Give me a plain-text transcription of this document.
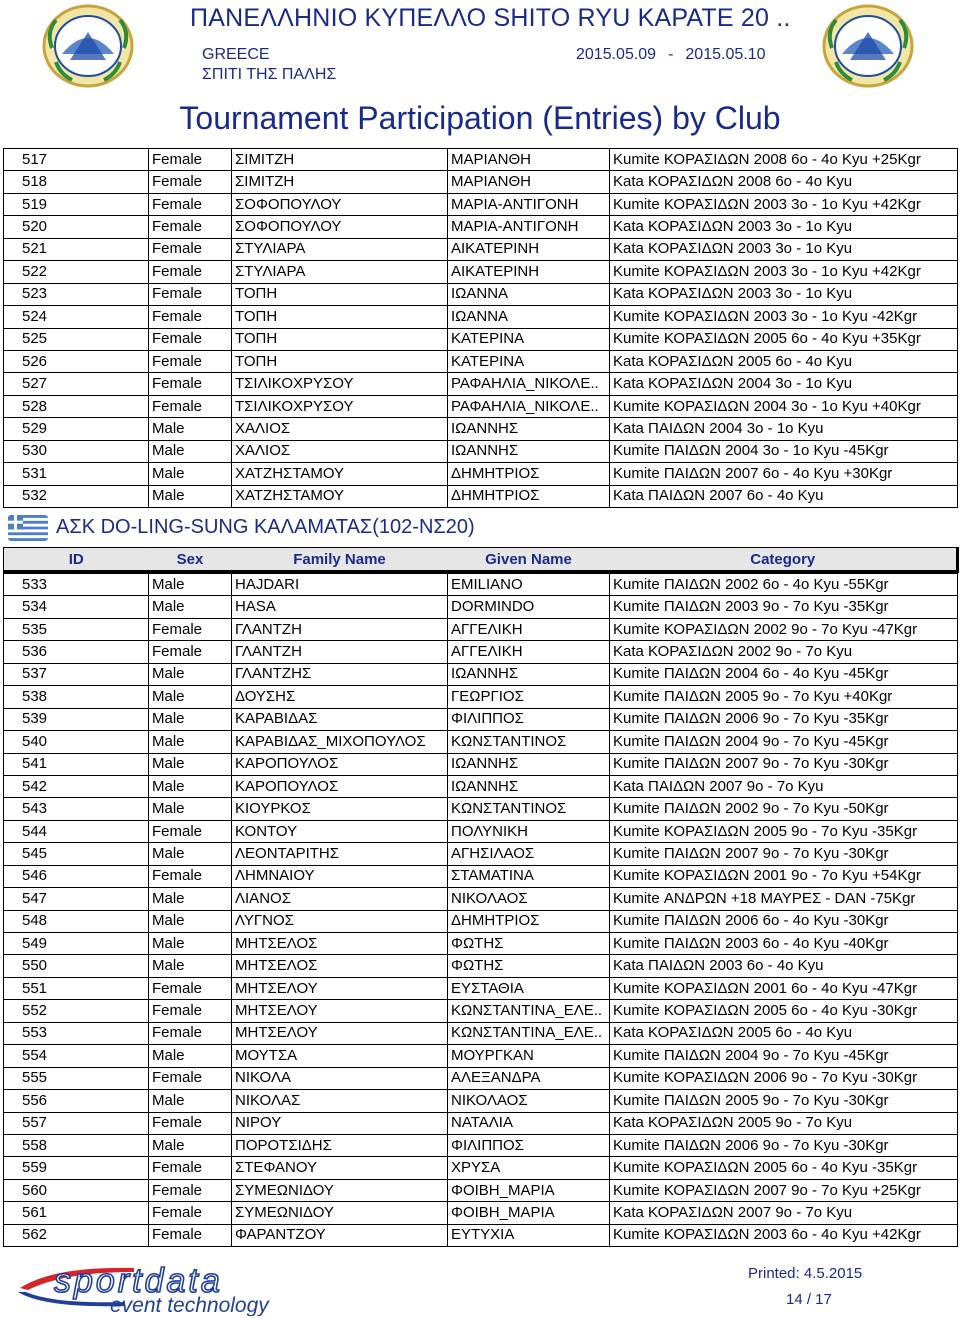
ΠΑΝΕΛΛΗΝΙΟ ΚΥΠΕΛΛΟ SHITO RYU ΚΑΡΑΤΕ 20 ..
GREECE
ΣΠΙΤΙ ΤΗΣ ΠΑΛΗΣ
2015.05.09 - 2015.05.10
Tournament Participation (Entries) by Club
517	Female	ΣΙΜΙΤΖΗ	ΜΑΡΙΑΝΘΗ	Kumite ΚΟΡΑΣΙΔΩΝ 2008 6ο - 4ο Kyu +25Kgr
518	Female	ΣΙΜΙΤΖΗ	ΜΑΡΙΑΝΘΗ	Kata ΚΟΡΑΣΙΔΩΝ 2008 6ο - 4ο Kyu
519	Female	ΣΟΦΟΠΟΥΛΟΥ	ΜΑΡΙΑ-ΑΝΤΙΓΟΝΗ	Kumite ΚΟΡΑΣΙΔΩΝ 2003 3ο - 1ο Kyu +42Kgr
520	Female	ΣΟΦΟΠΟΥΛΟΥ	ΜΑΡΙΑ-ΑΝΤΙΓΟΝΗ	Kata ΚΟΡΑΣΙΔΩΝ 2003 3ο - 1ο Kyu
521	Female	ΣΤΥΛΙΑΡΑ	ΑΙΚΑΤΕΡΙΝΗ	Kata ΚΟΡΑΣΙΔΩΝ 2003 3ο - 1ο Kyu
522	Female	ΣΤΥΛΙΑΡΑ	ΑΙΚΑΤΕΡΙΝΗ	Kumite ΚΟΡΑΣΙΔΩΝ 2003 3ο - 1ο Kyu +42Kgr
523	Female	ΤΟΠΗ	ΙΩΑΝΝΑ	Kata ΚΟΡΑΣΙΔΩΝ 2003 3ο - 1ο Kyu
524	Female	ΤΟΠΗ	ΙΩΑΝΝΑ	Kumite ΚΟΡΑΣΙΔΩΝ 2003 3ο - 1ο Kyu -42Kgr
525	Female	ΤΟΠΗ	ΚΑΤΕΡΙΝΑ	Kumite ΚΟΡΑΣΙΔΩΝ 2005 6ο - 4ο Kyu +35Kgr
526	Female	ΤΟΠΗ	ΚΑΤΕΡΙΝΑ	Kata ΚΟΡΑΣΙΔΩΝ 2005 6ο - 4ο Kyu
527	Female	ΤΣΙΛΙΚΟΧΡΥΣΟΥ	ΡΑΦΑΗΛΙΑ_ΝΙΚΟΛΕ..	Kata ΚΟΡΑΣΙΔΩΝ 2004 3ο - 1ο Kyu
528	Female	ΤΣΙΛΙΚΟΧΡΥΣΟΥ	ΡΑΦΑΗΛΙΑ_ΝΙΚΟΛΕ..	Kumite ΚΟΡΑΣΙΔΩΝ 2004 3ο - 1ο Kyu +40Kgr
529	Male	ΧΑΛΙΟΣ	ΙΩΑΝΝΗΣ	Kata ΠΑΙΔΩΝ 2004 3ο - 1ο Kyu
530	Male	ΧΑΛΙΟΣ	ΙΩΑΝΝΗΣ	Kumite ΠΑΙΔΩΝ 2004 3ο - 1ο Kyu -45Kgr
531	Male	ΧΑΤΖΗΣΤΑΜΟΥ	ΔΗΜΗΤΡΙΟΣ	Kumite ΠΑΙΔΩΝ 2007 6ο - 4ο Kyu +30Kgr
532	Male	ΧΑΤΖΗΣΤΑΜΟΥ	ΔΗΜΗΤΡΙΟΣ	Kata ΠΑΙΔΩΝ 2007 6ο - 4ο Kyu
ΑΣΚ DO-LING-SUNG ΚΑΛΑΜΑΤΑΣ(102-ΝΣ20)
ID	Sex	Family Name	Given Name	Category
533	Male	HAJDARI	EMILIANO	Kumite ΠΑΙΔΩΝ 2002 6ο - 4ο Kyu -55Kgr
534	Male	HASA	DORMINDO	Kumite ΠΑΙΔΩΝ 2003 9ο - 7ο Kyu -35Kgr
535	Female	ΓΛΑΝΤΖΗ	ΑΓΓΕΛΙΚΗ	Kumite ΚΟΡΑΣΙΔΩΝ 2002 9ο - 7ο Kyu -47Kgr
536	Female	ΓΛΑΝΤΖΗ	ΑΓΓΕΛΙΚΗ	Kata ΚΟΡΑΣΙΔΩΝ 2002 9ο - 7ο Kyu
537	Male	ΓΛΑΝΤΖΗΣ	ΙΩΑΝΝΗΣ	Kumite ΠΑΙΔΩΝ 2004 6ο - 4ο Kyu -45Kgr
538	Male	ΔΟΥΣΗΣ	ΓΕΩΡΓΙΟΣ	Kumite ΠΑΙΔΩΝ 2005 9ο - 7ο Kyu +40Kgr
539	Male	ΚΑΡΑΒΙΔΑΣ	ΦΙΛΙΠΠΟΣ	Kumite ΠΑΙΔΩΝ 2006 9ο - 7ο Kyu -35Kgr
540	Male	ΚΑΡΑΒΙΔΑΣ_ΜΙΧΟΠΟΥΛΟΣ	ΚΩΝΣΤΑΝΤΙΝΟΣ	Kumite ΠΑΙΔΩΝ 2004 9ο - 7ο Kyu -45Kgr
541	Male	ΚΑΡΟΠΟΥΛΟΣ	ΙΩΑΝΝΗΣ	Kumite ΠΑΙΔΩΝ 2007 9ο - 7ο Kyu -30Kgr
542	Male	ΚΑΡΟΠΟΥΛΟΣ	ΙΩΑΝΝΗΣ	Kata ΠΑΙΔΩΝ 2007 9ο - 7ο Kyu
543	Male	ΚΙΟΥΡΚΟΣ	ΚΩΝΣΤΑΝΤΙΝΟΣ	Kumite ΠΑΙΔΩΝ 2002 9ο - 7ο Kyu -50Kgr
544	Female	ΚΟΝΤΟΥ	ΠΟΛΥΝΙΚΗ	Kumite ΚΟΡΑΣΙΔΩΝ 2005 9ο - 7ο Kyu -35Kgr
545	Male	ΛΕΟΝΤΑΡΙΤΗΣ	ΑΓΗΣΙΛΑΟΣ	Kumite ΠΑΙΔΩΝ 2007 9ο - 7ο Kyu -30Kgr
546	Female	ΛΗΜΝΑΙΟΥ	ΣΤΑΜΑΤΙΝΑ	Kumite ΚΟΡΑΣΙΔΩΝ 2001 9ο - 7ο Kyu +54Kgr
547	Male	ΛΙΑΝΟΣ	ΝΙΚΟΛΑΟΣ	Kumite ΑΝΔΡΩΝ +18 ΜΑΥΡΕΣ - DAN -75Kgr
548	Male	ΛΥΓΝΟΣ	ΔΗΜΗΤΡΙΟΣ	Kumite ΠΑΙΔΩΝ 2006 6ο - 4ο Kyu -30Kgr
549	Male	ΜΗΤΣΕΛΟΣ	ΦΩΤΗΣ	Kumite ΠΑΙΔΩΝ 2003 6ο - 4ο Kyu -40Kgr
550	Male	ΜΗΤΣΕΛΟΣ	ΦΩΤΗΣ	Kata ΠΑΙΔΩΝ 2003 6ο - 4ο Kyu
551	Female	ΜΗΤΣΕΛΟΥ	ΕΥΣΤΑΘΙΑ	Kumite ΚΟΡΑΣΙΔΩΝ 2001 6ο - 4ο Kyu -47Kgr
552	Female	ΜΗΤΣΕΛΟΥ	ΚΩΝΣΤΑΝΤΙΝΑ_ΕΛΕ..	Kumite ΚΟΡΑΣΙΔΩΝ 2005 6ο - 4ο Kyu -30Kgr
553	Female	ΜΗΤΣΕΛΟΥ	ΚΩΝΣΤΑΝΤΙΝΑ_ΕΛΕ..	Kata ΚΟΡΑΣΙΔΩΝ 2005 6ο - 4ο Kyu
554	Male	ΜΟΥΤΣΑ	ΜΟΥΡΓΚΑΝ	Kumite ΠΑΙΔΩΝ 2004 9ο - 7ο Kyu -45Kgr
555	Female	ΝΙΚΟΛΑ	ΑΛΕΞΑΝΔΡΑ	Kumite ΚΟΡΑΣΙΔΩΝ 2006 9ο - 7ο Kyu -30Kgr
556	Male	ΝΙΚΟΛΑΣ	ΝΙΚΟΛΑΟΣ	Kumite ΠΑΙΔΩΝ 2005 9ο - 7ο Kyu -30Kgr
557	Female	ΝΙΡΟΥ	ΝΑΤΑΛΙΑ	Kata ΚΟΡΑΣΙΔΩΝ 2005 9ο - 7ο Kyu
558	Male	ΠΟΡΟΤΣΙΔΗΣ	ΦΙΛΙΠΠΟΣ	Kumite ΠΑΙΔΩΝ 2006 9ο - 7ο Kyu -30Kgr
559	Female	ΣΤΕΦΑΝΟΥ	ΧΡΥΣΑ	Kumite ΚΟΡΑΣΙΔΩΝ 2005 6ο - 4ο Kyu -35Kgr
560	Female	ΣΥΜΕΩΝΙΔΟΥ	ΦΟΙΒΗ_ΜΑΡΙΑ	Kumite ΚΟΡΑΣΙΔΩΝ 2007 9ο - 7ο Kyu +25Kgr
561	Female	ΣΥΜΕΩΝΙΔΟΥ	ΦΟΙΒΗ_ΜΑΡΙΑ	Kata ΚΟΡΑΣΙΔΩΝ 2007 9ο - 7ο Kyu
562	Female	ΦΑΡΑΝΤΖΟΥ	ΕΥΤΥΧΙΑ	Kumite ΚΟΡΑΣΙΔΩΝ 2003 6ο - 4ο Kyu +42Kgr
sportdata
event technology
Printed: 4.5.2015
14 / 17
